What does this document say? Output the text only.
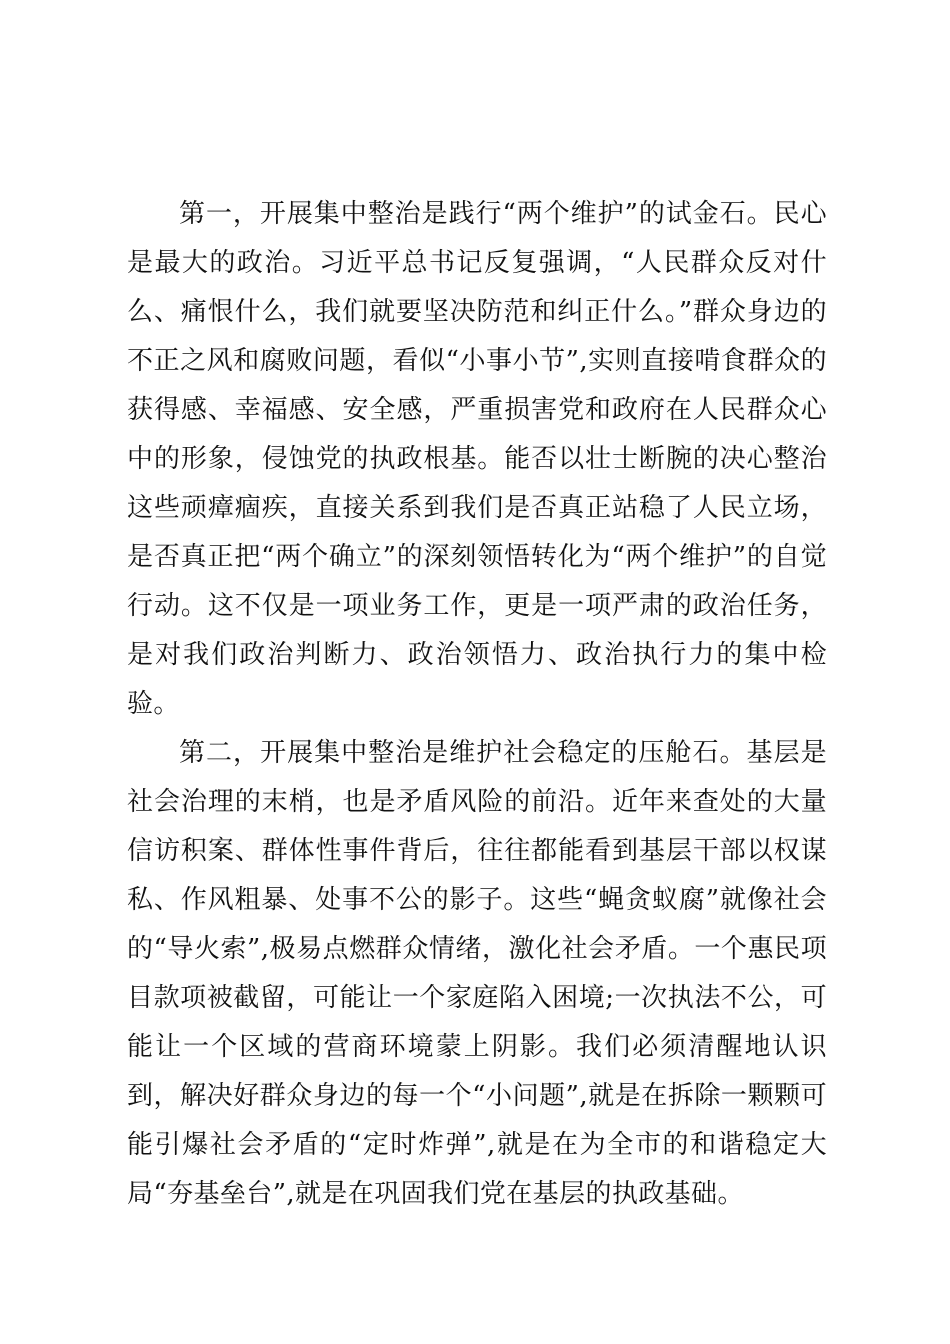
第一，开展集中整治是践行“两个维护”的试金石。民心是最大的政治。习近平总书记反复强调，“人民群众反对什么、痛恨什么，我们就要坚决防范和纠正什么。”群众身边的不正之风和腐败问题，看似“小事小节”,实则直接啃食群众的获得感、幸福感、安全感，严重损害党和政府在人民群众心中的形象，侵蚀党的执政根基。能否以壮士断腕的决心整治这些顽瘴痼疾，直接关系到我们是否真正站稳了人民立场，是否真正把“两个确立”的深刻领悟转化为“两个维护”的自觉行动。这不仅是一项业务工作，更是一项严肃的政治任务，是对我们政治判断力、政治领悟力、政治执行力的集中检验。

第二，开展集中整治是维护社会稳定的压舱石。基层是社会治理的末梢，也是矛盾风险的前沿。近年来查处的大量信访积案、群体性事件背后，往往都能看到基层干部以权谋私、作风粗暴、处事不公的影子。这些“蝇贪蚁腐”就像社会的“导火索”,极易点燃群众情绪，激化社会矛盾。一个惠民项目款项被截留，可能让一个家庭陷入困境;一次执法不公，可能让一个区域的营商环境蒙上阴影。我们必须清醒地认识到，解决好群众身边的每一个“小问题”,就是在拆除一颗颗可能引爆社会矛盾的“定时炸弹”,就是在为全市的和谐稳定大局“夯基垒台”,就是在巩固我们党在基层的执政基础。
